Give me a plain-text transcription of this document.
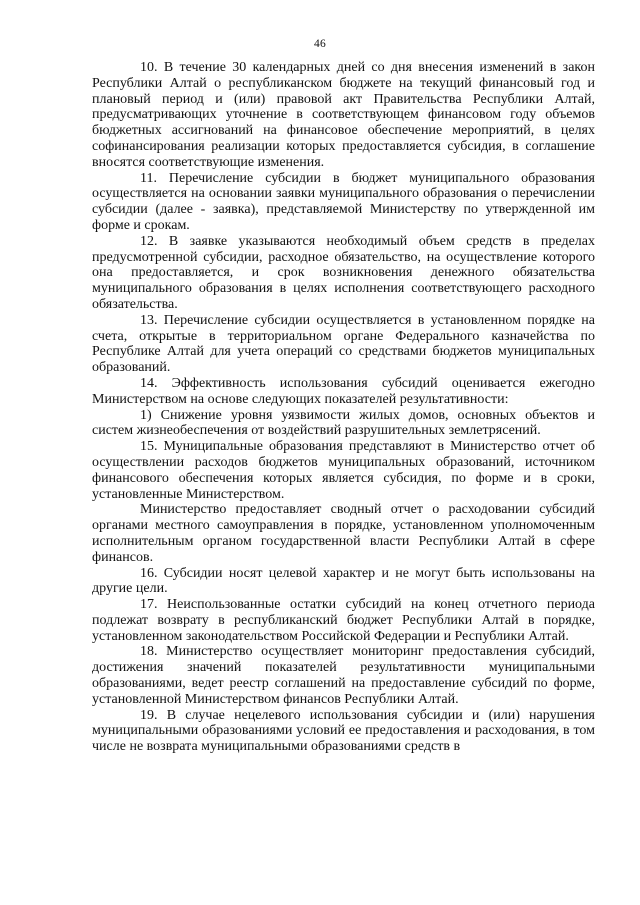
46

10. В течение 30 календарных дней со дня внесения изменений в закон Республики Алтай о республиканском бюджете на текущий финансовый год и плановый период и (или) правовой акт Правительства Республики Алтай, предусматривающих уточнение в соответствующем финансовом году объемов бюджетных ассигнований на финансовое обеспечение мероприятий, в целях софинансирования реализации которых предоставляется субсидия, в соглашение вносятся соответствующие изменения.

11. Перечисление субсидии в бюджет муниципального образования осуществляется на основании заявки муниципального образования о перечислении субсидии (далее - заявка), представляемой Министерству по утвержденной им форме и срокам.

12. В заявке указываются необходимый объем средств в пределах предусмотренной субсидии, расходное обязательство, на осуществление которого она предоставляется, и срок возникновения денежного обязательства муниципального образования в целях исполнения соответствующего расходного обязательства.

13. Перечисление субсидии осуществляется в установленном порядке на счета, открытые в территориальном органе Федерального казначейства по Республике Алтай для учета операций со средствами бюджетов муниципальных образований.

14. Эффективность использования субсидий оценивается ежегодно Министерством на основе следующих показателей результативности:

1) Снижение уровня уязвимости жилых домов, основных объектов и систем жизнеобеспечения от воздействий разрушительных землетрясений.

15. Муниципальные образования представляют в Министерство отчет об осуществлении расходов бюджетов муниципальных образований, источником финансового обеспечения которых является субсидия, по форме и в сроки, установленные Министерством.

Министерство предоставляет сводный отчет о расходовании субсидий органами местного самоуправления в порядке, установленном уполномоченным исполнительным органом государственной власти Республики Алтай в сфере финансов.

16. Субсидии носят целевой характер и не могут быть использованы на другие цели.

17. Неиспользованные остатки субсидий на конец отчетного периода подлежат возврату в республиканский бюджет Республики Алтай в порядке, установленном законодательством Российской Федерации и Республики Алтай.

18. Министерство осуществляет мониторинг предоставления субсидий, достижения значений показателей результативности муниципальными образованиями, ведет реестр соглашений на предоставление субсидий по форме, установленной Министерством финансов Республики Алтай.

19. В случае нецелевого использования субсидии и (или) нарушения муниципальными образованиями условий ее предоставления и расходования, в том числе не возврата муниципальными образованиями средств в
